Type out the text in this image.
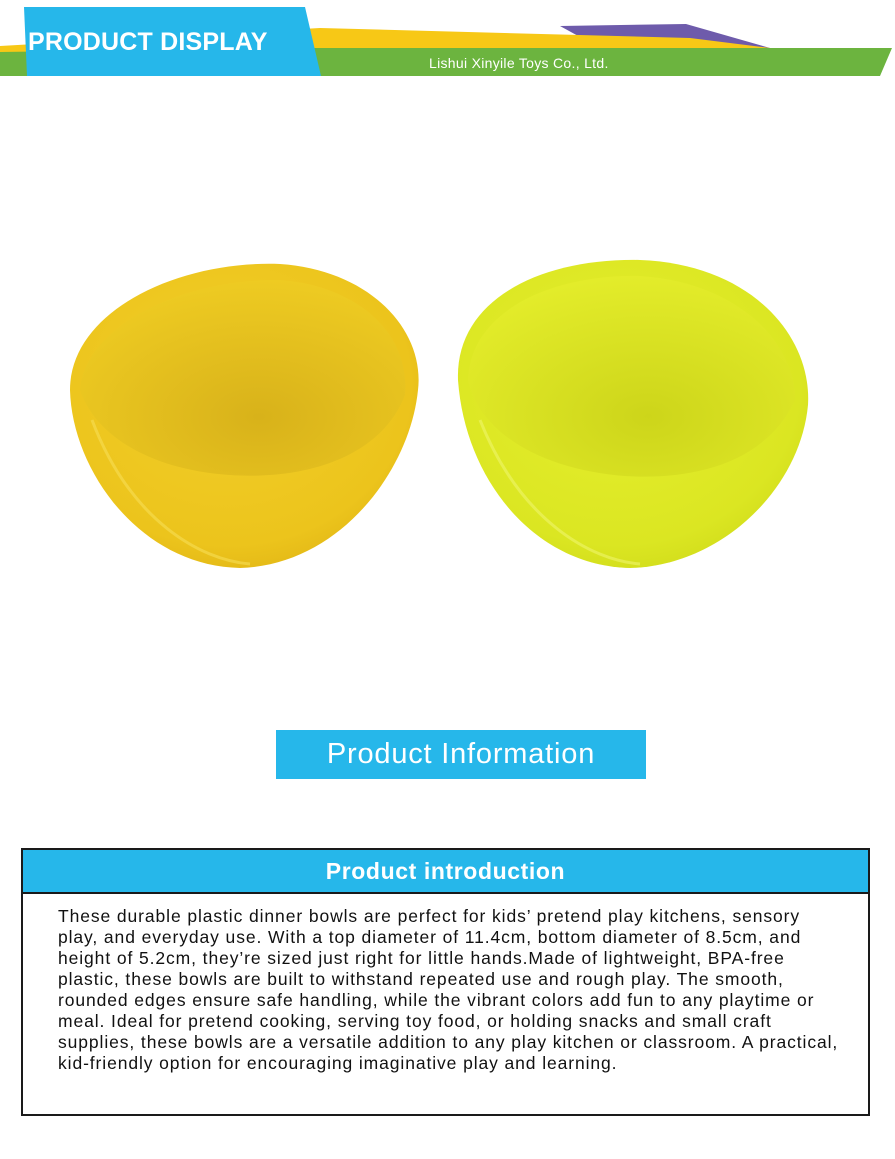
PRODUCT DISPLAY
Lishui Xinyile Toys Co., Ltd.
Product Information
Product introduction
These durable plastic dinner bowls are perfect for kids’ pretend play kitchens, sensory play, and everyday use. With a top diameter of 11.4cm, bottom diameter of 8.5cm, and height of 5.2cm, they’re sized just right for little hands.Made of lightweight, BPA-free plastic, these bowls are built to withstand repeated use and rough play. The smooth, rounded edges ensure safe handling, while the vibrant colors add fun to any playtime or meal. Ideal for pretend cooking, serving toy food, or holding snacks and small craft supplies, these bowls are a versatile addition to any play kitchen or classroom. A practical, kid-friendly option for encouraging imaginative play and learning.
